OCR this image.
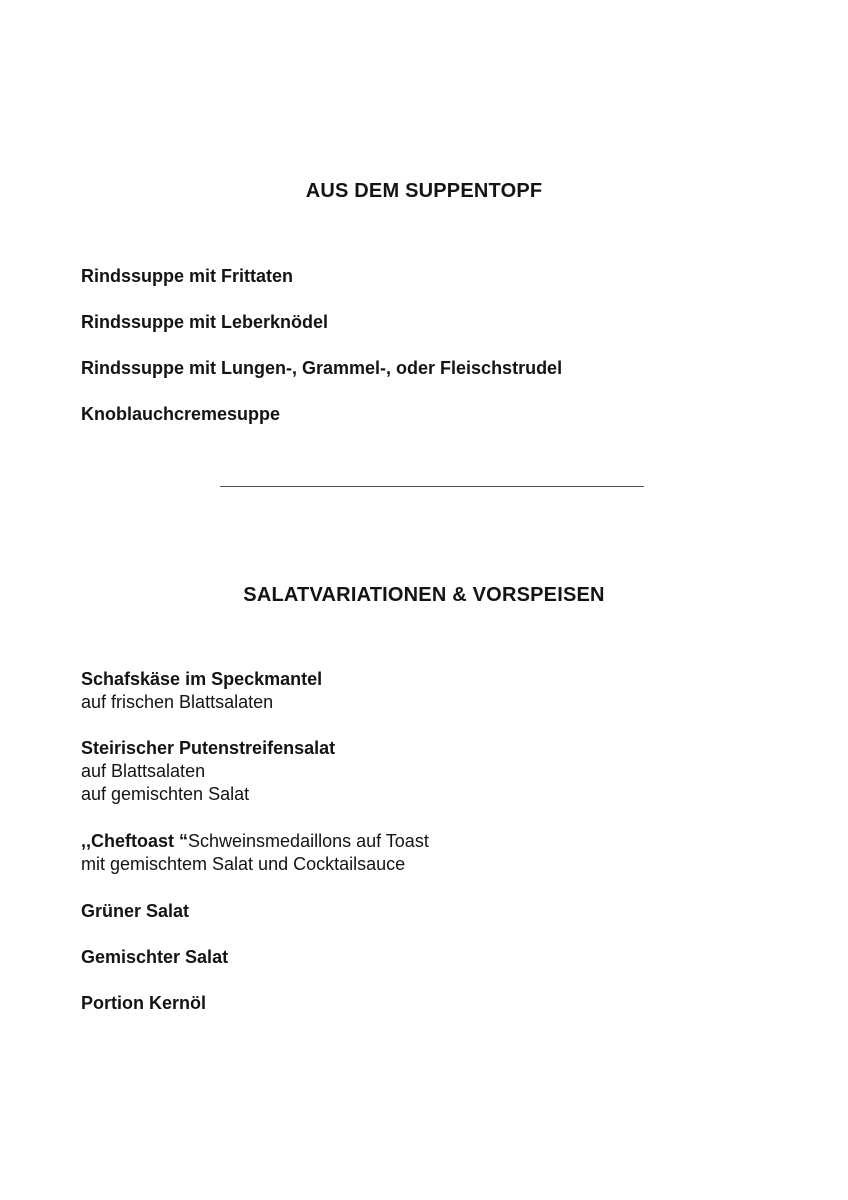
AUS DEM SUPPENTOPF
Rindssuppe mit Frittaten
Rindssuppe mit Leberknödel
Rindssuppe mit Lungen-, Grammel-, oder Fleischstrudel
Knoblauchcremesuppe
SALATVARIATIONEN & VORSPEISEN
Schafskäse im Speckmantel
auf frischen Blattsalaten
Steirischer Putenstreifensalat
auf Blattsalaten
auf gemischten Salat
,,Cheftoast “Schweinsmedaillons auf Toast
mit gemischtem Salat und Cocktailsauce
Grüner Salat
Gemischter Salat
Portion Kernöl
